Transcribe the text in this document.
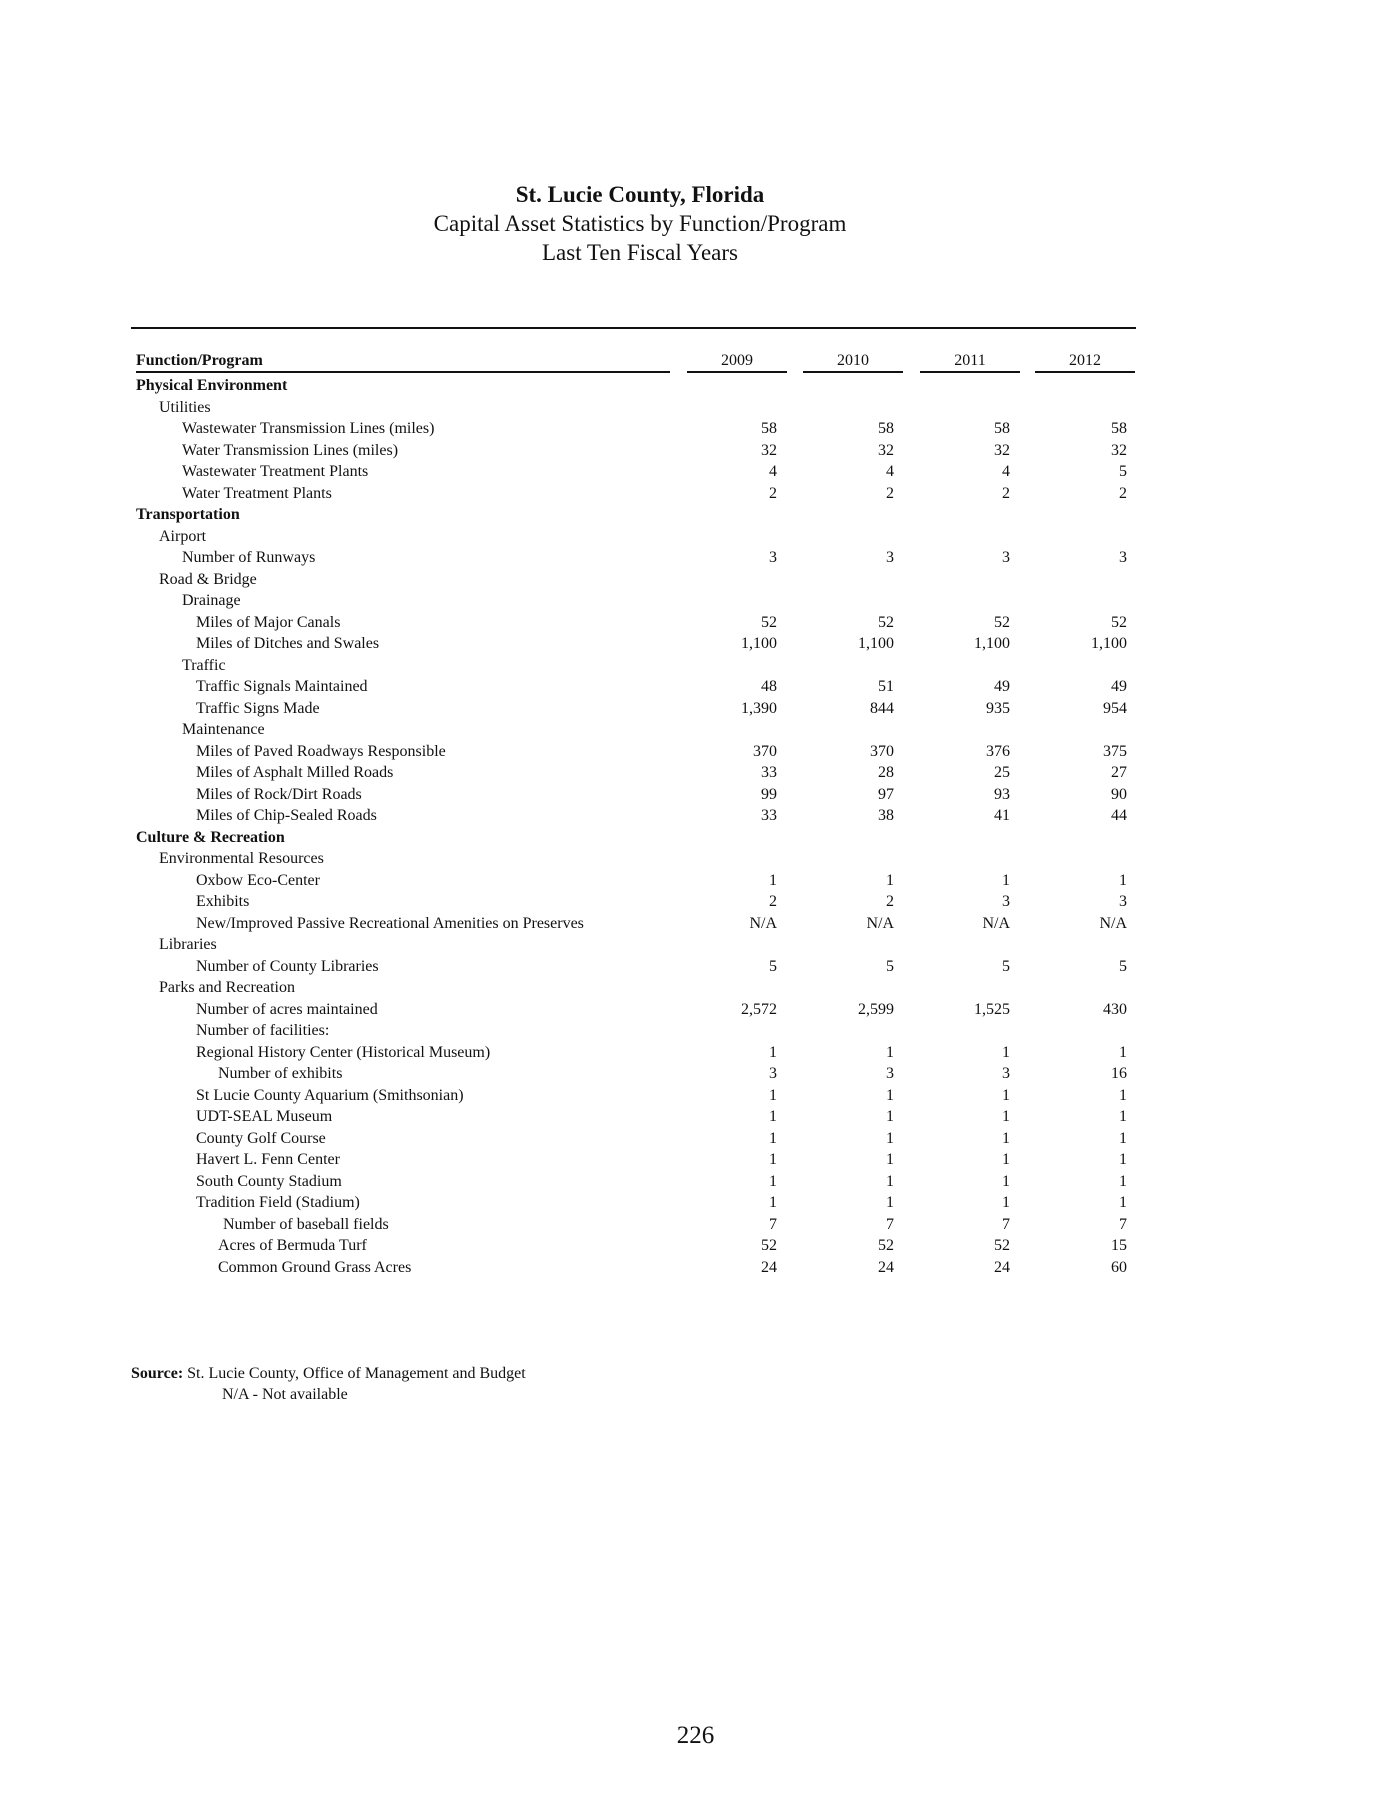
St. Lucie County, Florida
Capital Asset Statistics by Function/Program
Last Ten Fiscal Years
Function/Program	2009	2010	2011	2012
Physical Environment
Utilities
Wastewater Transmission Lines (miles)	58	58	58	58
Water Transmission Lines (miles)	32	32	32	32
Wastewater Treatment Plants	4	4	4	5
Water Treatment Plants	2	2	2	2
Transportation
Airport
Number of Runways	3	3	3	3
Road & Bridge
Drainage
Miles of Major Canals	52	52	52	52
Miles of Ditches and Swales	1,100	1,100	1,100	1,100
Traffic
Traffic Signals Maintained	48	51	49	49
Traffic Signs Made	1,390	844	935	954
Maintenance
Miles of Paved Roadways Responsible	370	370	376	375
Miles of Asphalt Milled Roads	33	28	25	27
Miles of Rock/Dirt Roads	99	97	93	90
Miles of Chip-Sealed Roads	33	38	41	44
Culture & Recreation
Environmental Resources
Oxbow Eco-Center	1	1	1	1
Exhibits	2	2	3	3
New/Improved Passive Recreational Amenities on Preserves	N/A	N/A	N/A	N/A
Libraries
Number of County Libraries	5	5	5	5
Parks and Recreation
Number of acres maintained	2,572	2,599	1,525	430
Number of facilities:
Regional History Center (Historical Museum)	1	1	1	1
Number of exhibits	3	3	3	16
St Lucie County Aquarium (Smithsonian)	1	1	1	1
UDT-SEAL Museum	1	1	1	1
County Golf Course	1	1	1	1
Havert L. Fenn Center	1	1	1	1
South County Stadium	1	1	1	1
Tradition Field (Stadium)	1	1	1	1
Number of baseball fields	7	7	7	7
Acres of Bermuda Turf	52	52	52	15
Common Ground Grass Acres	24	24	24	60
Source: St. Lucie County, Office of Management and Budget
N/A - Not available
226
